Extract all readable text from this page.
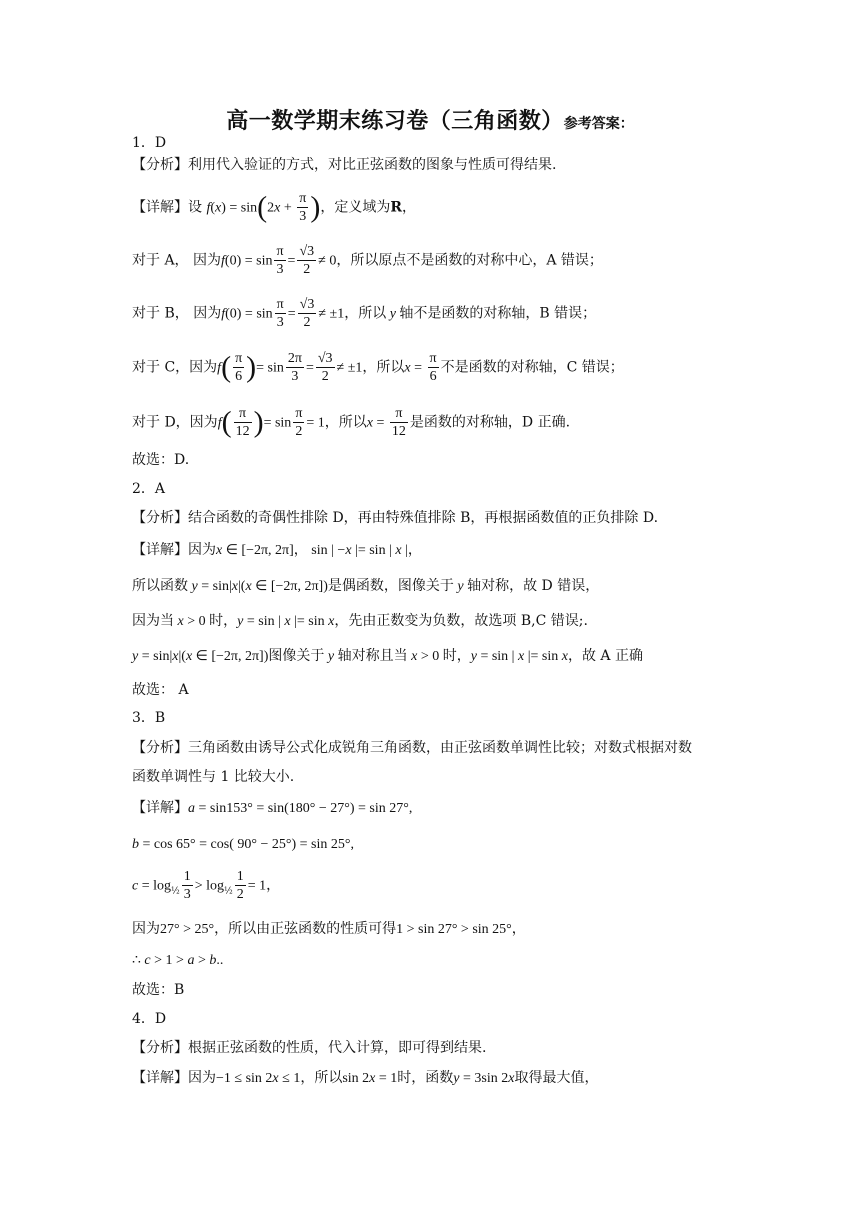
高一数学期末练习卷（三角函数）参考答案：
1．D
【分析】利用代入验证的方式，对比正弦函数的图象与性质可得结果.
【详解】设 $f(x) = \sin(2x + \frac{\pi}{3}$ )，定义域为R，
对于 A， 因为$f(0) = \sin \frac{\pi}{3} = \frac{√3}{2} \ne 0$，所以原点不是函数的对称中心，A 错误；
对于 B， 因为$f(0) = \sin \frac{\pi}{3} = \frac{√3}{2} \ne \pm 1$，所以 y 轴不是函数的对称轴，B 错误；
对于 C，因为$f( \frac{\pi}{6}$ )= $\sin \frac{2\pi}{3} = \frac{√3}{2} \ne \pm 1$，所以$x = \frac{\pi}{6}$ 不是函数的对称轴，C 错误；
对于 D，因为$f( \frac{\pi}{12}$ )= $\sin \frac{\pi}{2} = 1$，所以$x = \frac{\pi}{12}$ 是函数的对称轴，D 正确.
故选：D.
2．A
【分析】结合函数的奇偶性排除 D，再由特殊值排除 B，再根据函数值的正负排除 D.
【详解】因为x ∈ [−2π, 2π]， sin | −x |= sin | x |，
所以函数 y = sin|x|(x ∈ [−2π, 2π])是偶函数，图像关于 y 轴对称，故 D 错误，
因为当 x > 0 时，y = sin | x |= sin x，先由正数变为负数，故选项 B,C 错误;.
y = sin|x|(x ∈ [−2π, 2π])图像关于 y 轴对称且当 x > 0 时，y = sin | x |= sin x，故 A 正确
故选： A
3．B
【分析】三角函数由诱导公式化成锐角三角函数，由正弦函数单调性比较；对数式根据对数
函数单调性与 1 比较大小.
【详解】a = sin153° = sin(180° − 27°) = sin 27°,
b = cos 65° = cos( 90° − 25°) = sin 25°,
$c = \log_{\frac{1}{2}} \frac{1}{3} > \log_{\frac{1}{2}} \frac{1}{2} = 1$，
因为27° > 25°，所以由正弦函数的性质可得1 > sin 27° > sin 25°，
∴ c > 1 > a > b..
故选：B
4．D
【分析】根据正弦函数的性质，代入计算，即可得到结果.
【详解】因为−1 ≤ sin 2x ≤ 1，所以sin 2x = 1时，函数y = 3sin 2x取得最大值，
